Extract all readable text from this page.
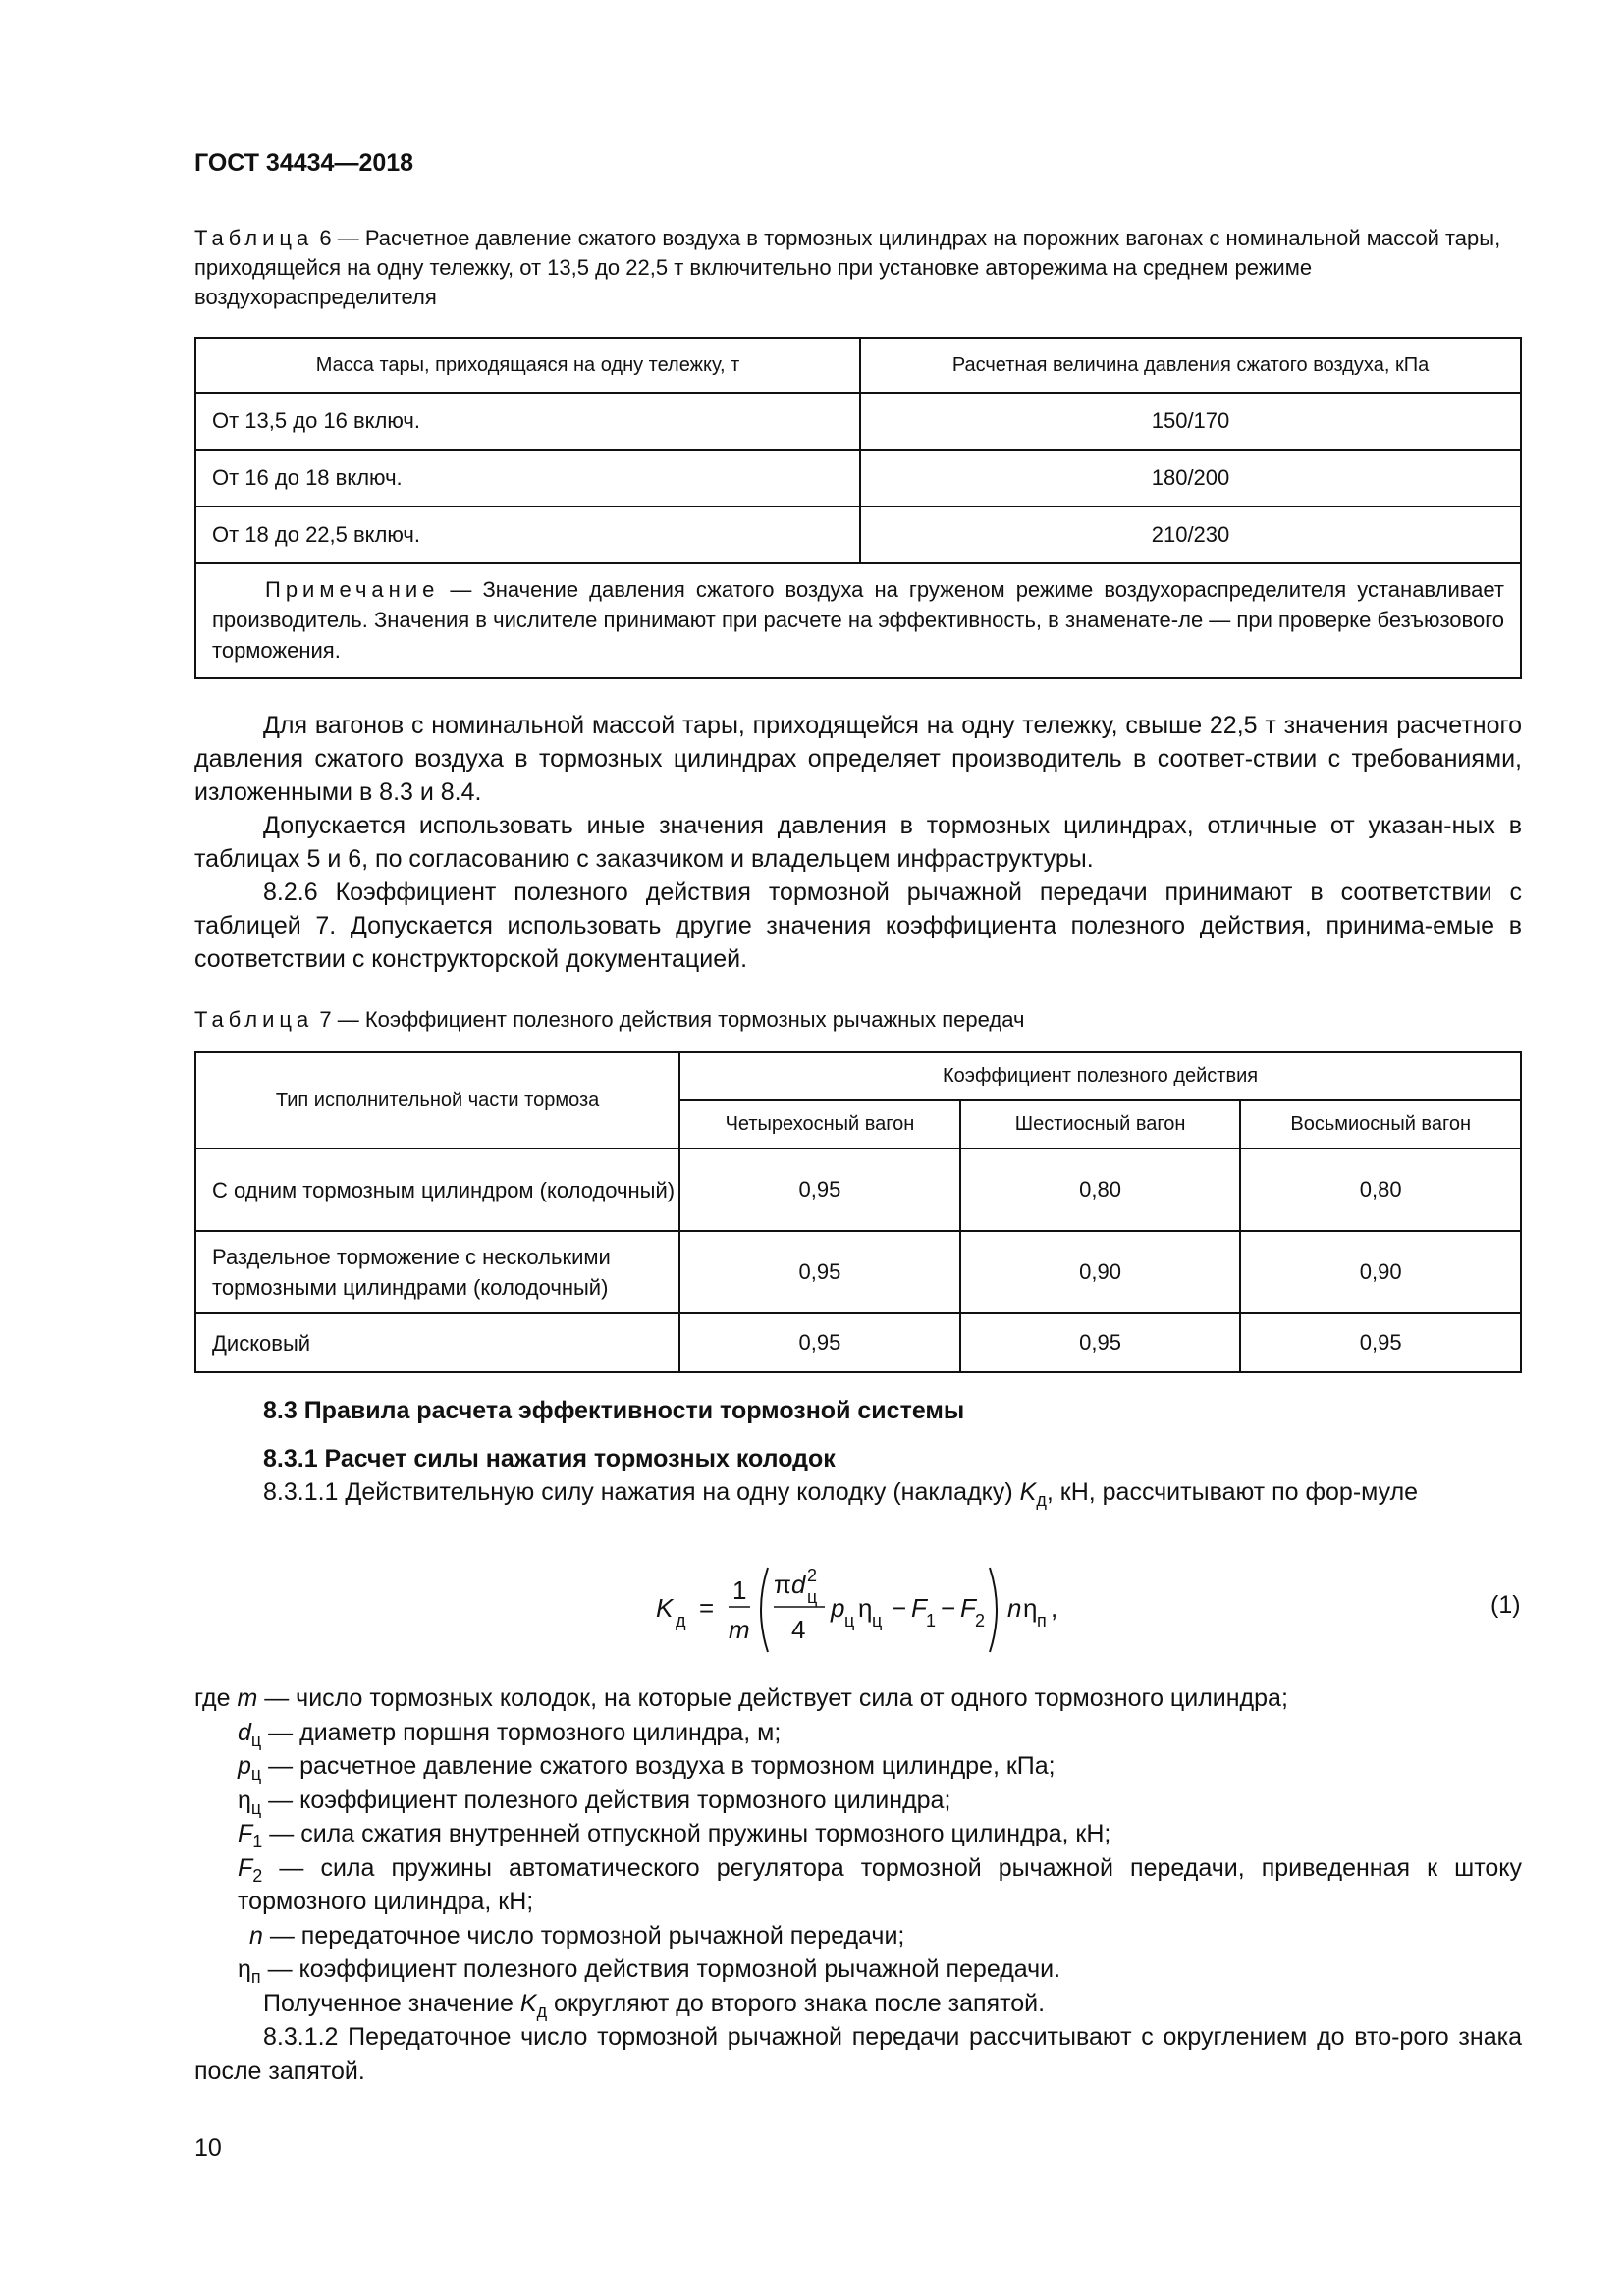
ГОСТ 34434—2018
Таблица 6 — Расчетное давление сжатого воздуха в тормозных цилиндрах на порожних вагонах с номинальной массой тары, приходящейся на одну тележку, от 13,5 до 22,5 т включительно при установке авторежима на среднем режиме воздухораспределителя
Масса тары, приходящаяся на одну тележку, т	Расчетная величина давления сжатого воздуха, кПа
От 13,5 до 16 включ.	150/170
От 16 до 18 включ.	180/200
От 18 до 22,5 включ.	210/230
Примечание — Значение давления сжатого воздуха на груженом режиме воздухораспределителя устанавливает производитель. Значения в числителе принимают при расчете на эффективность, в знаменате-ле — при проверке безъюзового торможения.	

Для вагонов с номинальной массой тары, приходящейся на одну тележку, свыше 22,5 т значения расчетного давления сжатого воздуха в тормозных цилиндрах определяет производитель в соответ-ствии с требованиями, изложенными в 8.3 и 8.4.

Допускается использовать иные значения давления в тормозных цилиндрах, отличные от указан-ных в таблицах 5 и 6, по согласованию с заказчиком и владельцем инфраструктуры.

8.2.6 Коэффициент полезного действия тормозной рычажной передачи принимают в соответствии с таблицей 7. Допускается использовать другие значения коэффициента полезного действия, принима-емые в соответствии с конструкторской документацией.

Таблица 7 — Коэффициент полезного действия тормозных рычажных передач
Тип исполнительной части тормоза	Коэффициент полезного действия		
	Четырехосный вагон	Шестиосный вагон	Восьмиосный вагон
С одним тормозным цилиндром (колодочный)	0,95	0,80	0,80
Раздельное торможение с несколькими тормозными цилиндрами (колодочный)	0,95	0,90	0,90
Дисковый	0,95	0,95	0,95
8.3 Правила расчета эффективности тормозной системы
8.3.1 Расчет силы нажатия тормозных колодок

8.3.1.1 Действительную силу нажатия на одну колодку (накладку) $K_д$, кН, рассчитывают по фор-муле

K д =
1
m
πd 2
ц
4
p ц η ц − F 1 − F 2 n η п ,	(1)

где m — число тормозных колодок, на которые действует сила от одного тормозного цилиндра;

$d_ц$ — диаметр поршня тормозного цилиндра, м;

$p_ц$ — расчетное давление сжатого воздуха в тормозном цилиндре, кПа;

$\eta_ц$ — коэффициент полезного действия тормозного цилиндра;

$F_1$ — сила сжатия внутренней отпускной пружины тормозного цилиндра, кН;

$F_2$ — сила пружины автоматического регулятора тормозной рычажной передачи, приведенная к штоку тормозного цилиндра, кН;

n — передаточное число тормозной рычажной передачи;

$\eta_п$ — коэффициент полезного действия тормозной рычажной передачи.

Полученное значение $K_д$ округляют до второго знака после запятой.

8.3.1.2 Передаточное число тормозной рычажной передачи рассчитывают с округлением до вто-рого знака после запятой.

10
